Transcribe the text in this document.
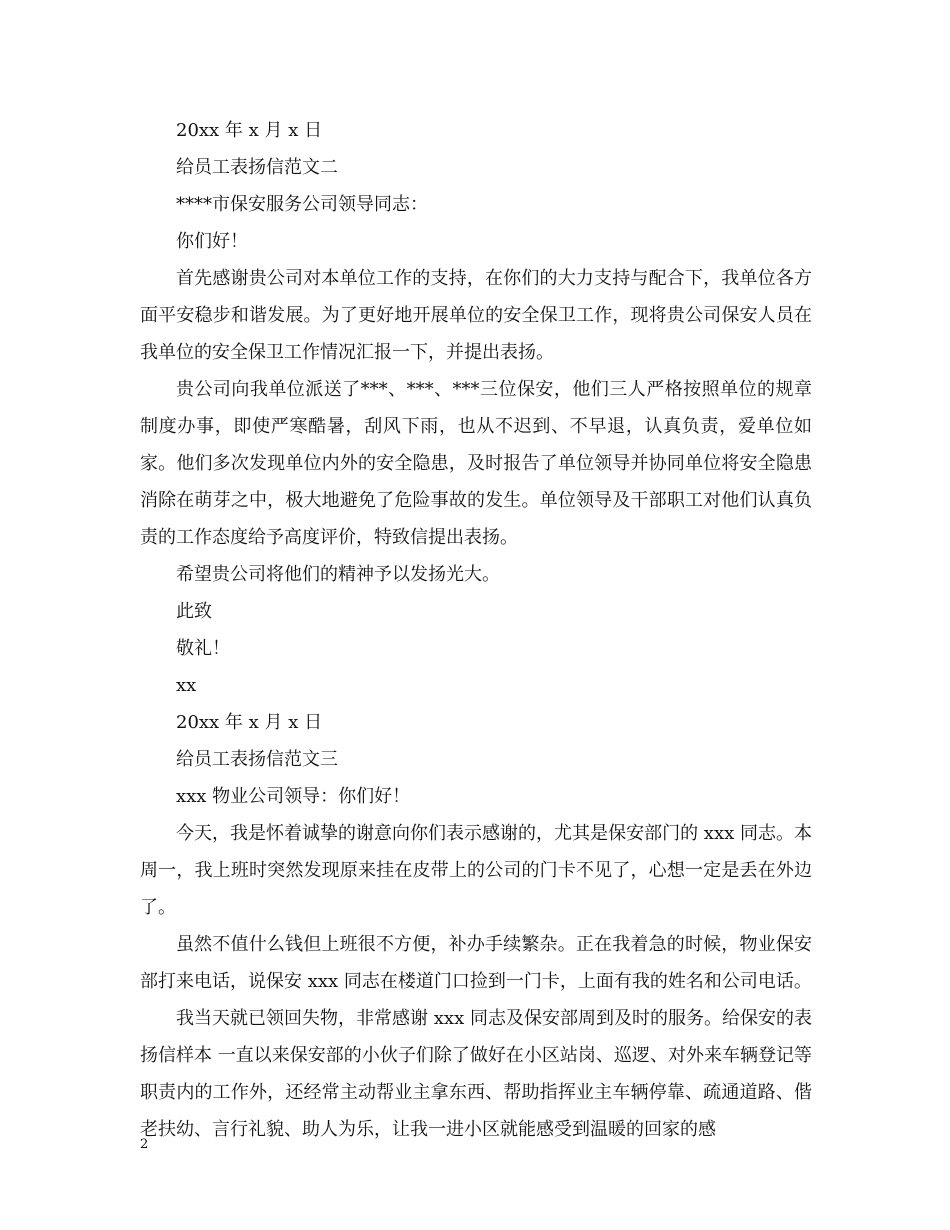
20xx 年 x 月 x 日

给员工表扬信范文二

****市保安服务公司领导同志：

你们好！

首先感谢贵公司对本单位工作的支持，在你们的大力支持与配合下，我单位各方面平安稳步和谐发展。为了更好地开展单位的安全保卫工作，现将贵公司保安人员在我单位的安全保卫工作情况汇报一下，并提出表扬。

贵公司向我单位派送了***、***、***三位保安，他们三人严格按照单位的规章制度办事，即使严寒酷暑，刮风下雨，也从不迟到、不早退，认真负责，爱单位如家。他们多次发现单位内外的安全隐患，及时报告了单位领导并协同单位将安全隐患消除在萌芽之中，极大地避免了危险事故的发生。单位领导及干部职工对他们认真负责的工作态度给予高度评价，特致信提出表扬。

希望贵公司将他们的精神予以发扬光大。

此致

敬礼！

xx

20xx 年 x 月 x 日

给员工表扬信范文三

xxx 物业公司领导：你们好！

今天，我是怀着诚挚的谢意向你们表示感谢的，尤其是保安部门的 xxx 同志。本周一，我上班时突然发现原来挂在皮带上的公司的门卡不见了，心想一定是丢在外边了。

虽然不值什么钱但上班很不方便，补办手续繁杂。正在我着急的时候，物业保安部打来电话，说保安 xxx 同志在楼道门口捡到一门卡，上面有我的姓名和公司电话。

我当天就已领回失物，非常感谢 xxx 同志及保安部周到及时的服务。给保安的表扬信样本 一直以来保安部的小伙子们除了做好在小区站岗、巡逻、对外来车辆登记等职责内的工作外，还经常主动帮业主拿东西、帮助指挥业主车辆停靠、疏通道路、偕老扶幼、言行礼貌、助人为乐，让我一进小区就能感受到温暖的回家的感

2
